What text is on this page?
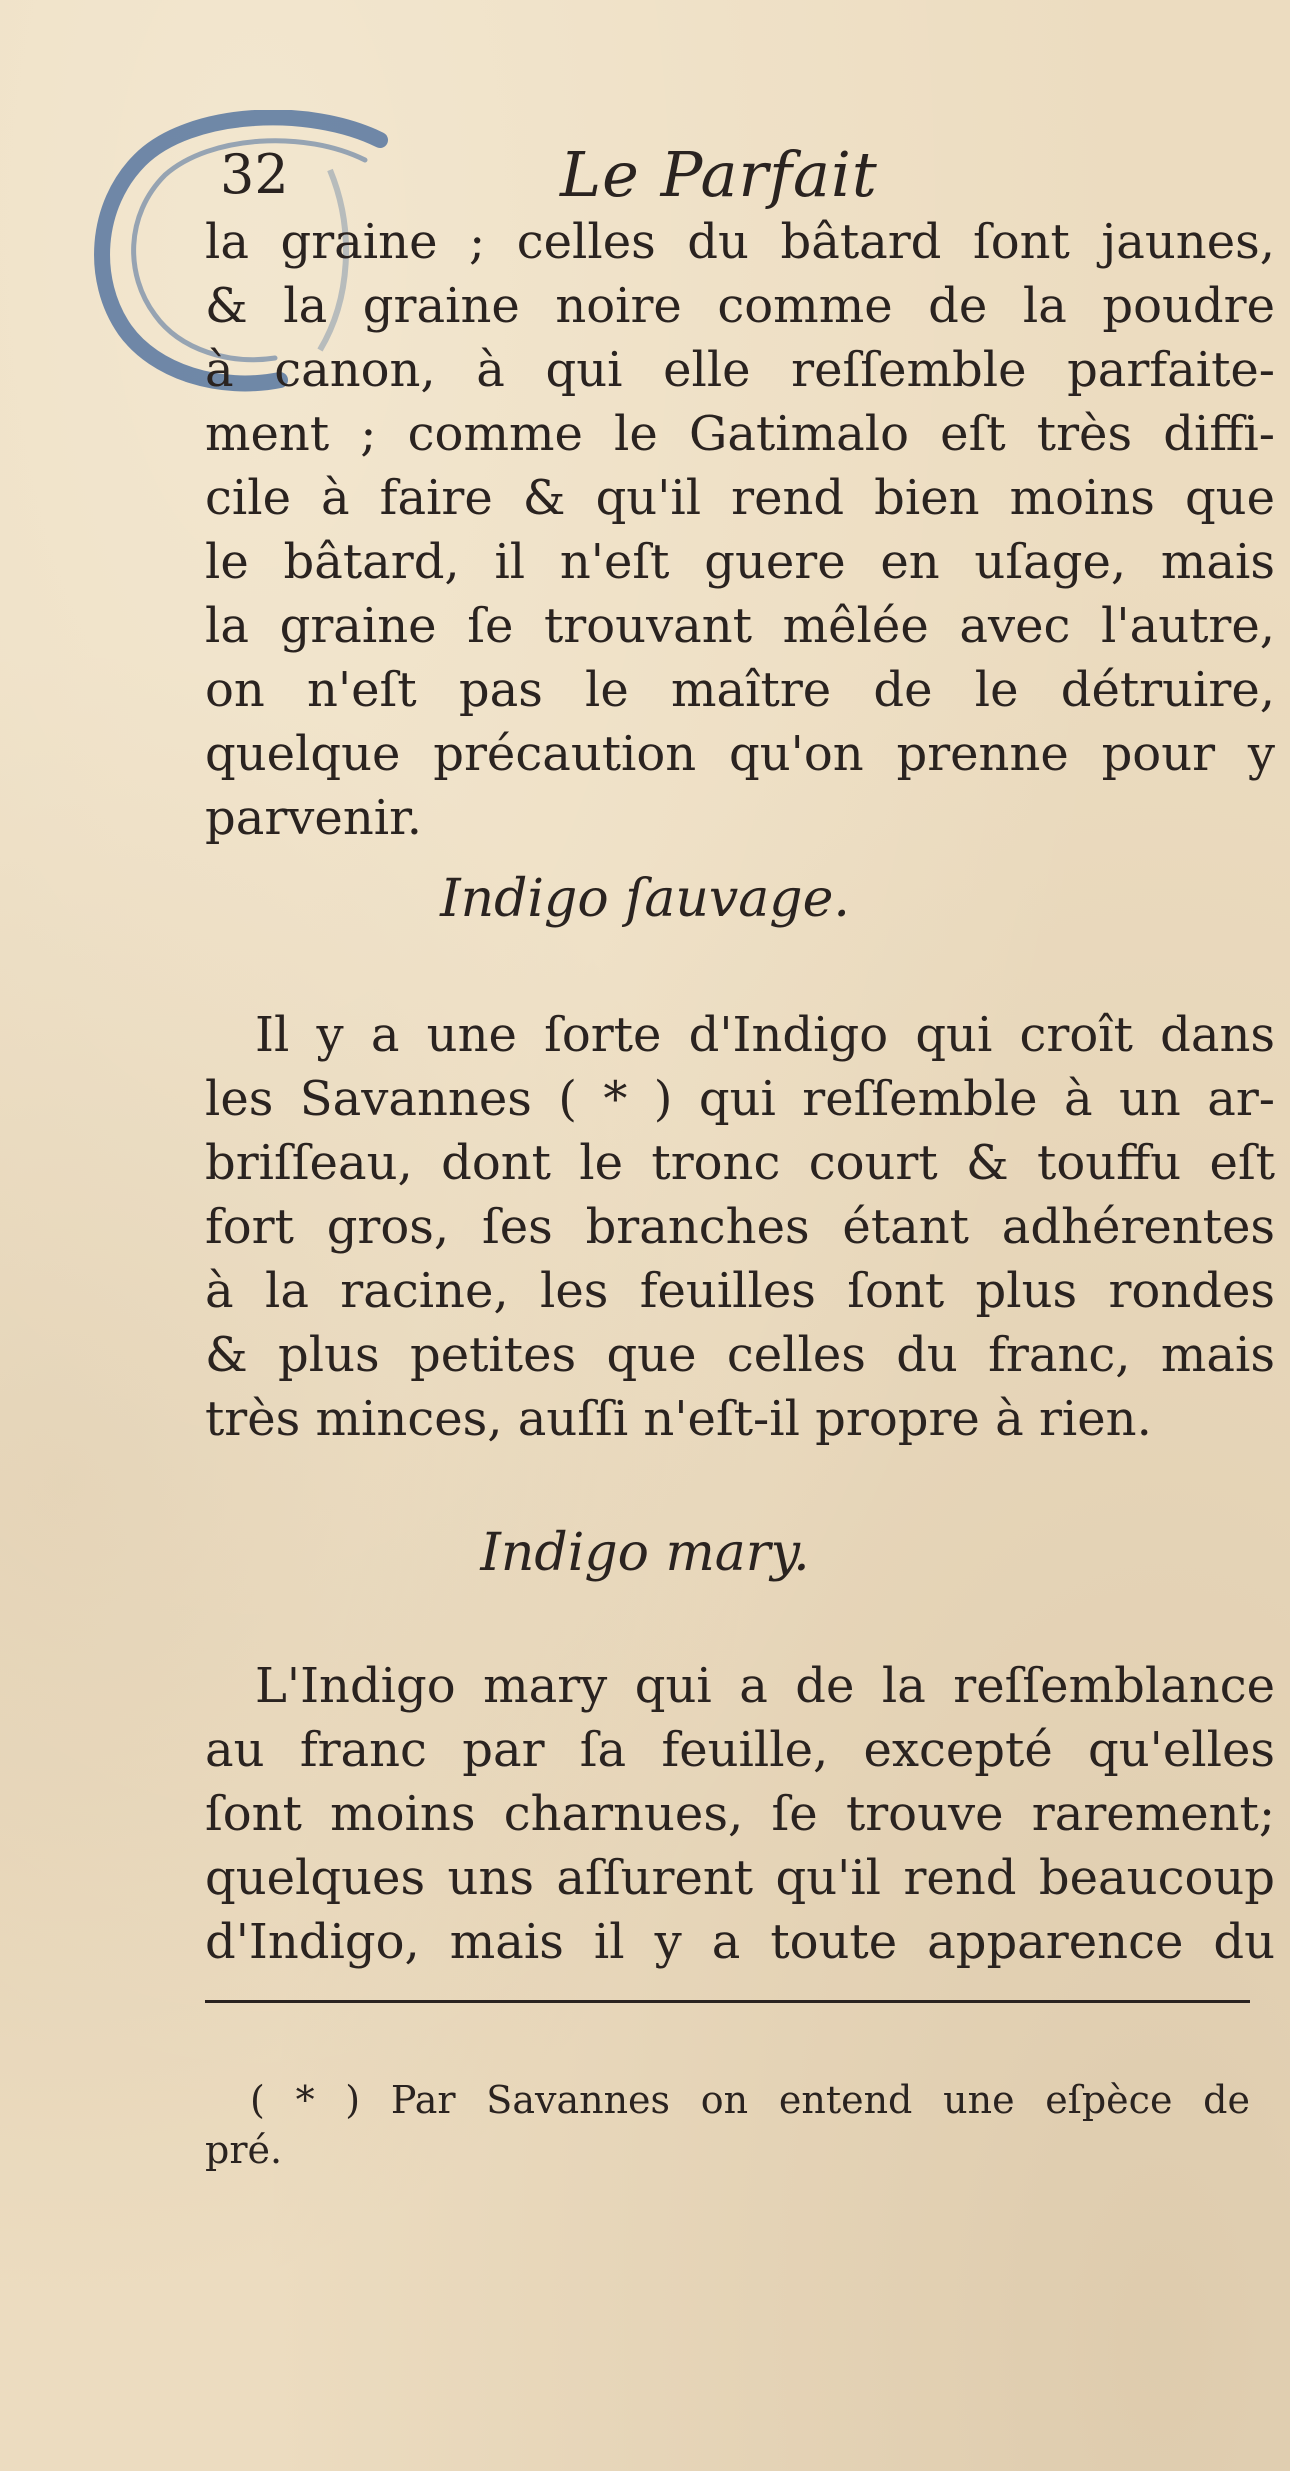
32	Le Parfait
la graine ; celles du bâtard ſont jaunes,
& la graine noire comme de la poudre
à canon, à qui elle reſſemble parfaite-
ment ; comme le Gatimalo eſt très diffi-
cile à faire & qu'il rend bien moins que
le bâtard, il n'eſt guere en uſage, mais
la graine ſe trouvant mêlée avec l'autre,
on n'eſt pas le maître de le détruire,
quelque précaution qu'on prenne pour y
parvenir.
Indigo ſauvage.
Il y a une ſorte d'Indigo qui croît dans
les Savannes ( * ) qui reſſemble à un ar-
briſſeau, dont le tronc court & touffu eſt
fort gros, ſes branches étant adhérentes
à la racine, les feuilles ſont plus rondes
& plus petites que celles du franc, mais
très minces, auſſi n'eſt-il propre à rien.
Indigo mary.
L'Indigo mary qui a de la reſſemblance
au franc par ſa feuille, excepté qu'elles
ſont moins charnues, ſe trouve rarement;
quelques uns aſſurent qu'il rend beaucoup
d'Indigo, mais il y a toute apparence du
( * ) Par Savannes on entend une eſpèce de
pré.
